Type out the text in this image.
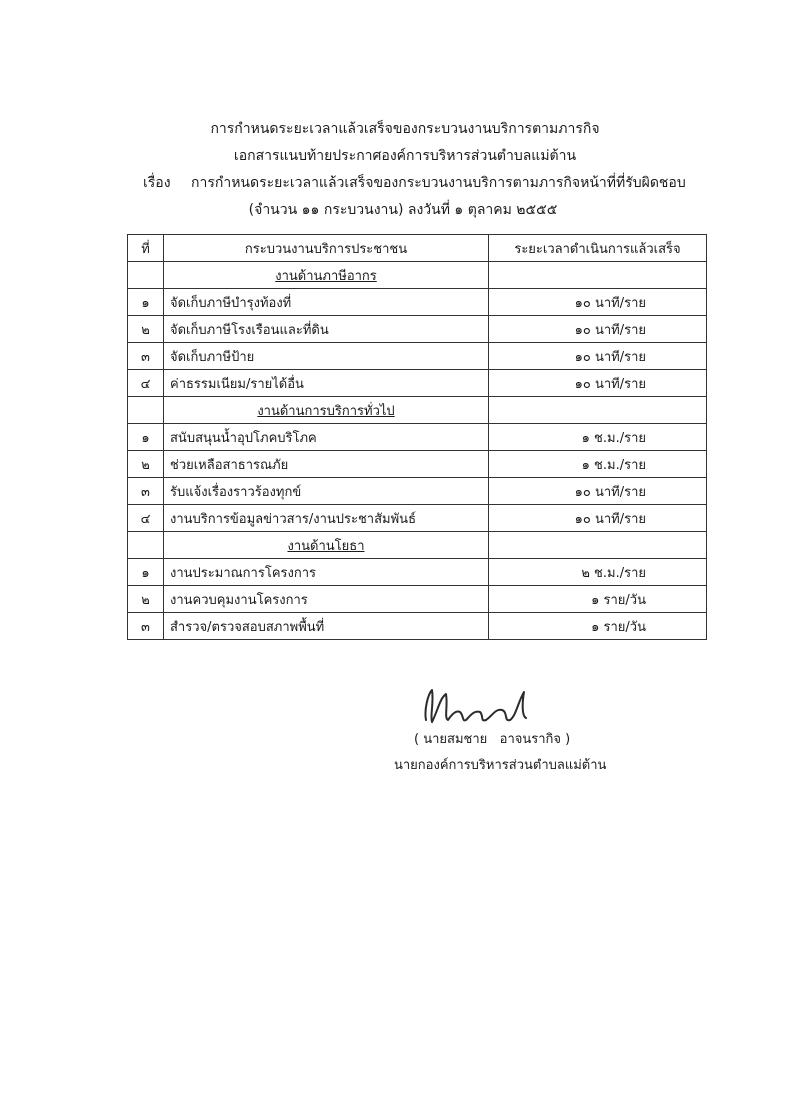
การกำหนดระยะเวลาแล้วเสร็จของกระบวนงานบริการตามภารกิจ
เอกสารแนบท้ายประกาศองค์การบริหารส่วนตำบลแม่ต้าน
เรื่อง การกำหนดระยะเวลาแล้วเสร็จของกระบวนงานบริการตามภารกิจหน้าที่ที่รับผิดชอบ
(จำนวน ๑๑ กระบวนงาน) ลงวันที่ ๑ ตุลาคม ๒๕๕๕
ที่	กระบวนงานบริการประชาชน	ระยะเวลาดำเนินการแล้วเสร็จ
	งานด้านภาษีอากร	
๑	จัดเก็บภาษีบำรุงท้องที่	๑๐ นาที/ราย
๒	จัดเก็บภาษีโรงเรือนและที่ดิน	๑๐ นาที/ราย
๓	จัดเก็บภาษีป้าย	๑๐ นาที/ราย
๔	ค่าธรรมเนียม/รายได้อื่น	๑๐ นาที/ราย
	งานด้านการบริการทั่วไป	
๑	สนับสนุนน้ำอุปโภคบริโภค	๑ ช.ม./ราย
๒	ช่วยเหลือสาธารณภัย	๑ ช.ม./ราย
๓	รับแจ้งเรื่องราวร้องทุกข์	๑๐ นาที/ราย
๔	งานบริการข้อมูลข่าวสาร/งานประชาสัมพันธ์	๑๐ นาที/ราย
	งานด้านโยธา	
๑	งานประมาณการโครงการ	๒ ช.ม./ราย
๒	งานควบคุมงานโครงการ	๑ ราย/วัน
๓	สำรวจ/ตรวจสอบสภาพพื้นที่	๑ ราย/วัน
( นายสมชาย   อาจนรากิจ )
นายกองค์การบริหารส่วนตำบลแม่ต้าน
